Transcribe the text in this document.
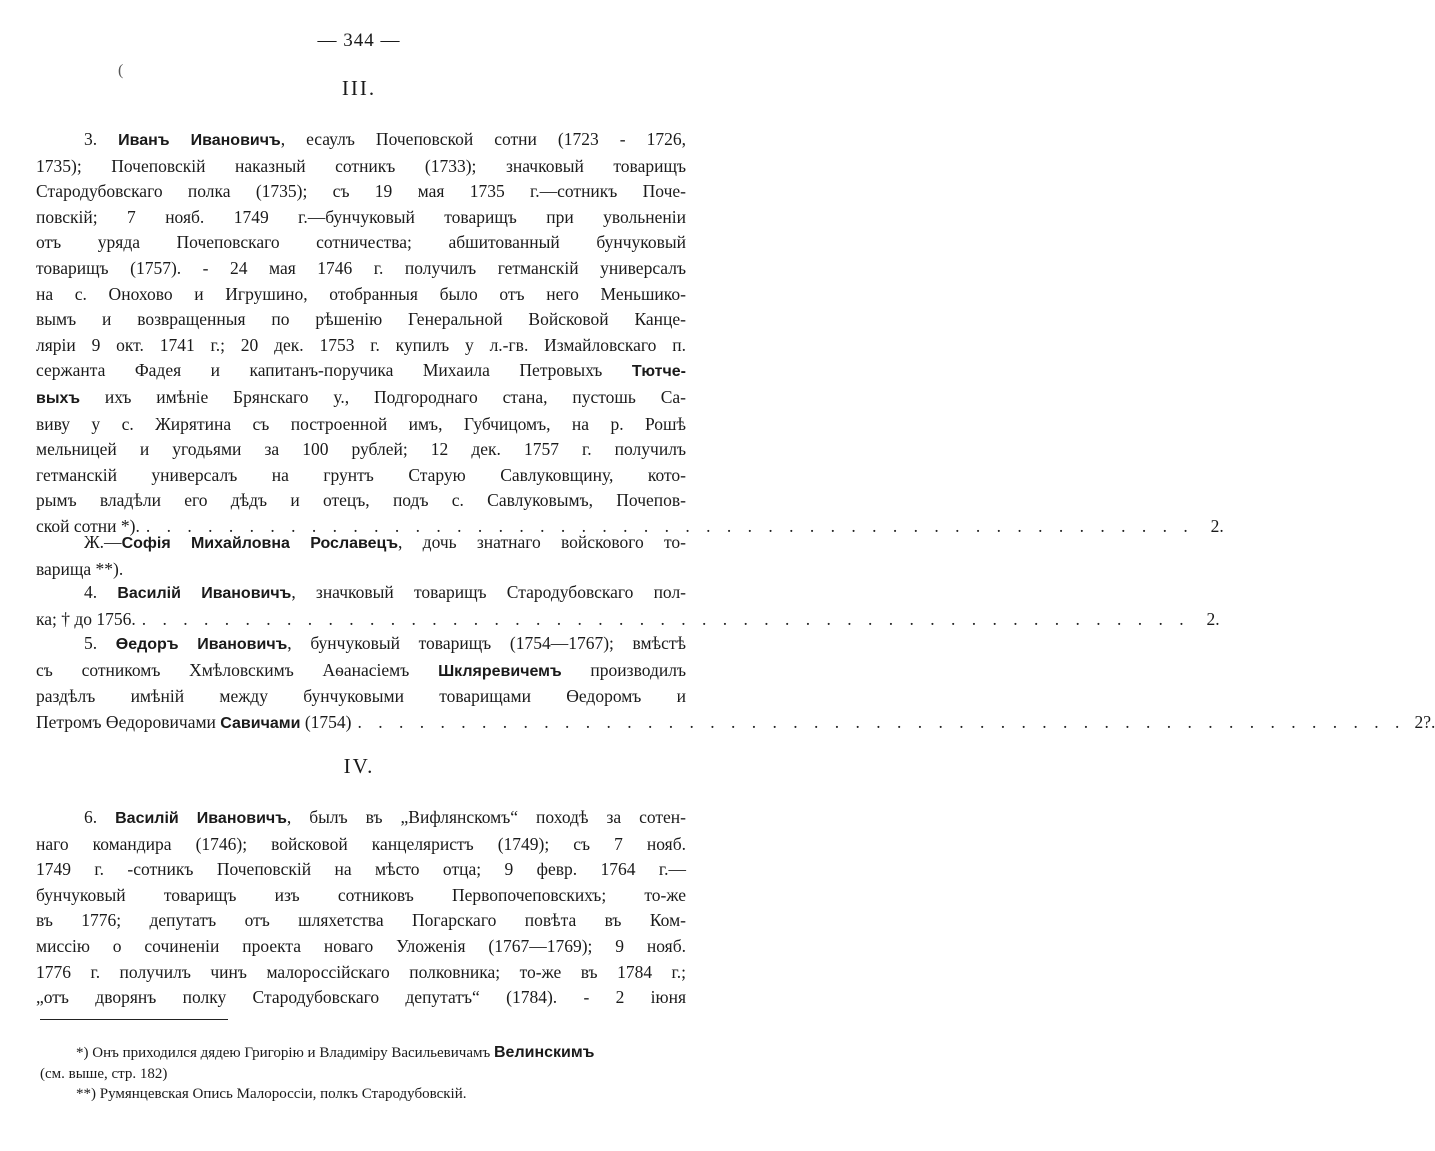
— 344 —
(
III.
3. Иванъ Ивановичъ, есаулъ Почеповской сотни (1723 - 1726,
1735); Почеповскій наказный сотникъ (1733); значковый товарищъ
Стародубовскаго полка (1735); съ 19 мая 1735 г.—сотникъ Поче-
повскій; 7 нояб. 1749 г.—бунчуковый товарищъ при увольненіи
отъ уряда Почеповскаго сотничества; абшитованный бунчуковый
товарищъ (1757). - 24 мая 1746 г. получилъ гетманскій универсалъ
на с. Онохово и Игрушино, отобранныя было отъ него Меньшико-
вымъ и возвращенныя по рѣшенію Генеральной Войсковой Канце-
ляріи 9 окт. 1741 г.; 20 дек. 1753 г. купилъ у л.-гв. Измайловскаго п.
сержанта Фадея и капитанъ-поручика Михаила Петровыхъ Тютче-
выхъ ихъ имѣніе Брянскаго у., Подгороднаго стана, пустошь Са-
виву у с. Жирятина съ построенной имъ, Губчицомъ, на р. Рошѣ
мельницей и угодьями за 100 рублей; 12 дек. 1757 г. получилъ
гетманскій универсалъ на грунтъ Старую Савлуковщину, кото-
рымъ владѣли его дѣдъ и отецъ, подъ с. Савлуковымъ, Почепов-
ской сотни *). . . . . . . . . . . . . . . . . . . . . . . . . . . . . . . . . . . . . . . . . . . . . . . . . . . . 2.
Ж.—Софія Михайловна Рославецъ, дочь знатнаго войскового то-
варища **).
4. Василій Ивановичъ, значковый товарищъ Стародубовскаго пол-
ка; † до 1756. . . . . . . . . . . . . . . . . . . . . . . . . . . . . . . . . . . . . . . . . . . . . . . . . . . . 2.
5. Өедоръ Ивановичъ, бунчуковый товарищъ (1754—1767); вмѣстѣ
съ сотникомъ Хмѣловскимъ Аѳанасіемъ Шкляревичемъ производилъ
раздѣлъ имѣній между бунчуковыми товарищами Өедоромъ и
Петромъ Өедоровичами
Савичами
(1754) . . . . . . . . . . . . . . . . . . . . . . . . . . . . . . . . . . . . . . . . . . . . . . . . . . . 2?.
IV.
6. Василій Ивановичъ, былъ въ „Вифлянскомъ“ походѣ за сотен-
наго командира (1746); войсковой канцеляристъ (1749); съ 7 нояб.
1749 г. -сотникъ Почеповскій на мѣсто отца; 9 февр. 1764 г.—
бунчуковый товарищъ изъ сотниковъ Первопочеповскихъ; то-же
въ 1776; депутатъ отъ шляхетства Погарскаго повѣта въ Ком-
миссію о сочиненіи проекта новаго Уложенія (1767—1769); 9 нояб.
1776 г. получилъ чинъ малороссійскаго полковника; то-же въ 1784 г.;
„отъ дворянъ полку Стародубовскаго депутатъ“ (1784). - 2 іюня
*) Онъ приходился дядею Григорію и Владиміру Васильевичамъ Велинскимъ
(см. выше, стр. 182)
**) Румянцевская Опись Малороссіи, полкъ Стародубовскій.
